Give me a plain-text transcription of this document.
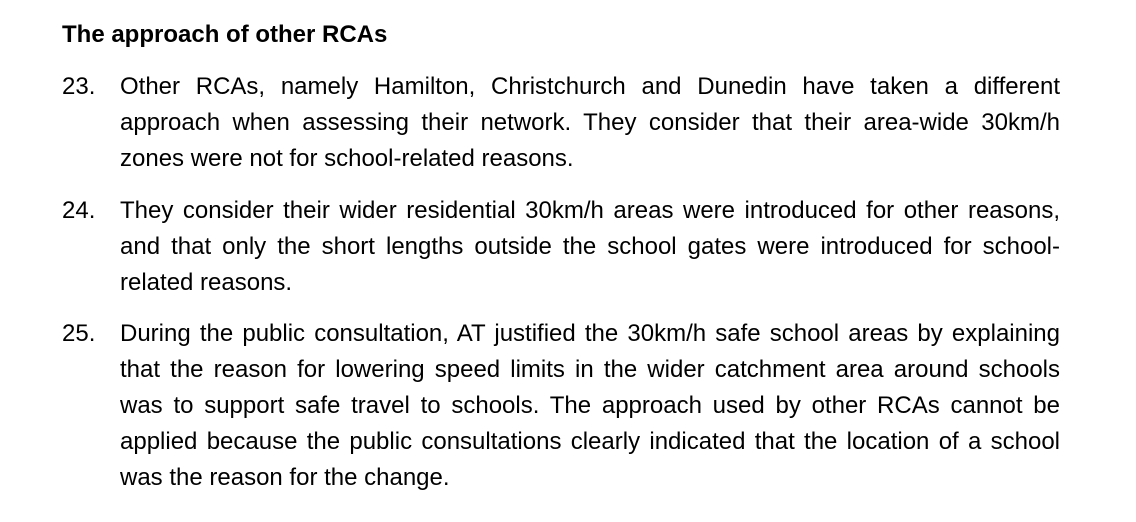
The approach of other RCAs
23. Other RCAs, namely Hamilton, Christchurch and Dunedin have taken a different approach when assessing their network. They consider that their area-wide 30km/h zones were not for school-related reasons.
24. They consider their wider residential 30km/h areas were introduced for other reasons, and that only the short lengths outside the school gates were introduced for school-related reasons.
25. During the public consultation, AT justified the 30km/h safe school areas by explaining that the reason for lowering speed limits in the wider catchment area around schools was to support safe travel to schools. The approach used by other RCAs cannot be applied because the public consultations clearly indicated that the location of a school was the reason for the change.
